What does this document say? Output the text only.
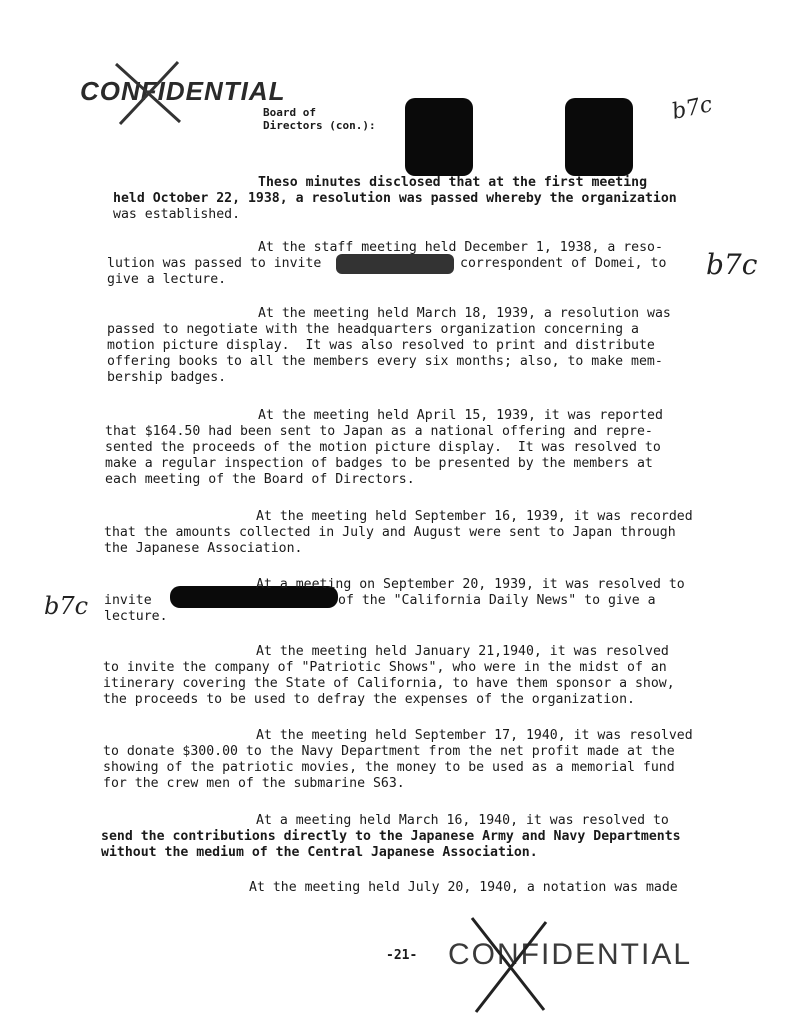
CONFIDENTIAL
Board of
Directors (con.):
b7c
b7c
b7c
Theso minutes disclosed that at the first meeting
held October 22, 1938, a resolution was passed whereby the organization
was established.
At the staff meeting held December 1, 1938, a reso-
lution was passed to invite	correspondent of Domei, to
give a lecture.
At the meeting held March 18, 1939, a resolution was
passed to negotiate with the headquarters organization concerning a
motion picture display.  It was also resolved to print and distribute
offering books to all the members every six months; also, to make mem-
bership badges.
At the meeting held April 15, 1939, it was reported
that $164.50 had been sent to Japan as a national offering and repre-
sented the proceeds of the motion picture display.  It was resolved to
make a regular inspection of badges to be presented by the members at
each meeting of the Board of Directors.
At the meeting held September 16, 1939, it was recorded
that the amounts collected in July and August were sent to Japan through
the Japanese Association.
At a meeting on September 20, 1939, it was resolved to
invite	of the "California Daily News" to give a
lecture.
At the meeting held January 21,1940, it was resolved
to invite the company of "Patriotic Shows", who were in the midst of an
itinerary covering the State of California, to have them sponsor a show,
the proceeds to be used to defray the expenses of the organization.
At the meeting held September 17, 1940, it was resolved
to donate $300.00 to the Navy Department from the net profit made at the
showing of the patriotic movies, the money to be used as a memorial fund
for the crew men of the submarine S63.
At a meeting held March 16, 1940, it was resolved to
send the contributions directly to the Japanese Army and Navy Departments
without the medium of the Central Japanese Association.
At the meeting held July 20, 1940, a notation was made
-21- CONFIDENTIAL
